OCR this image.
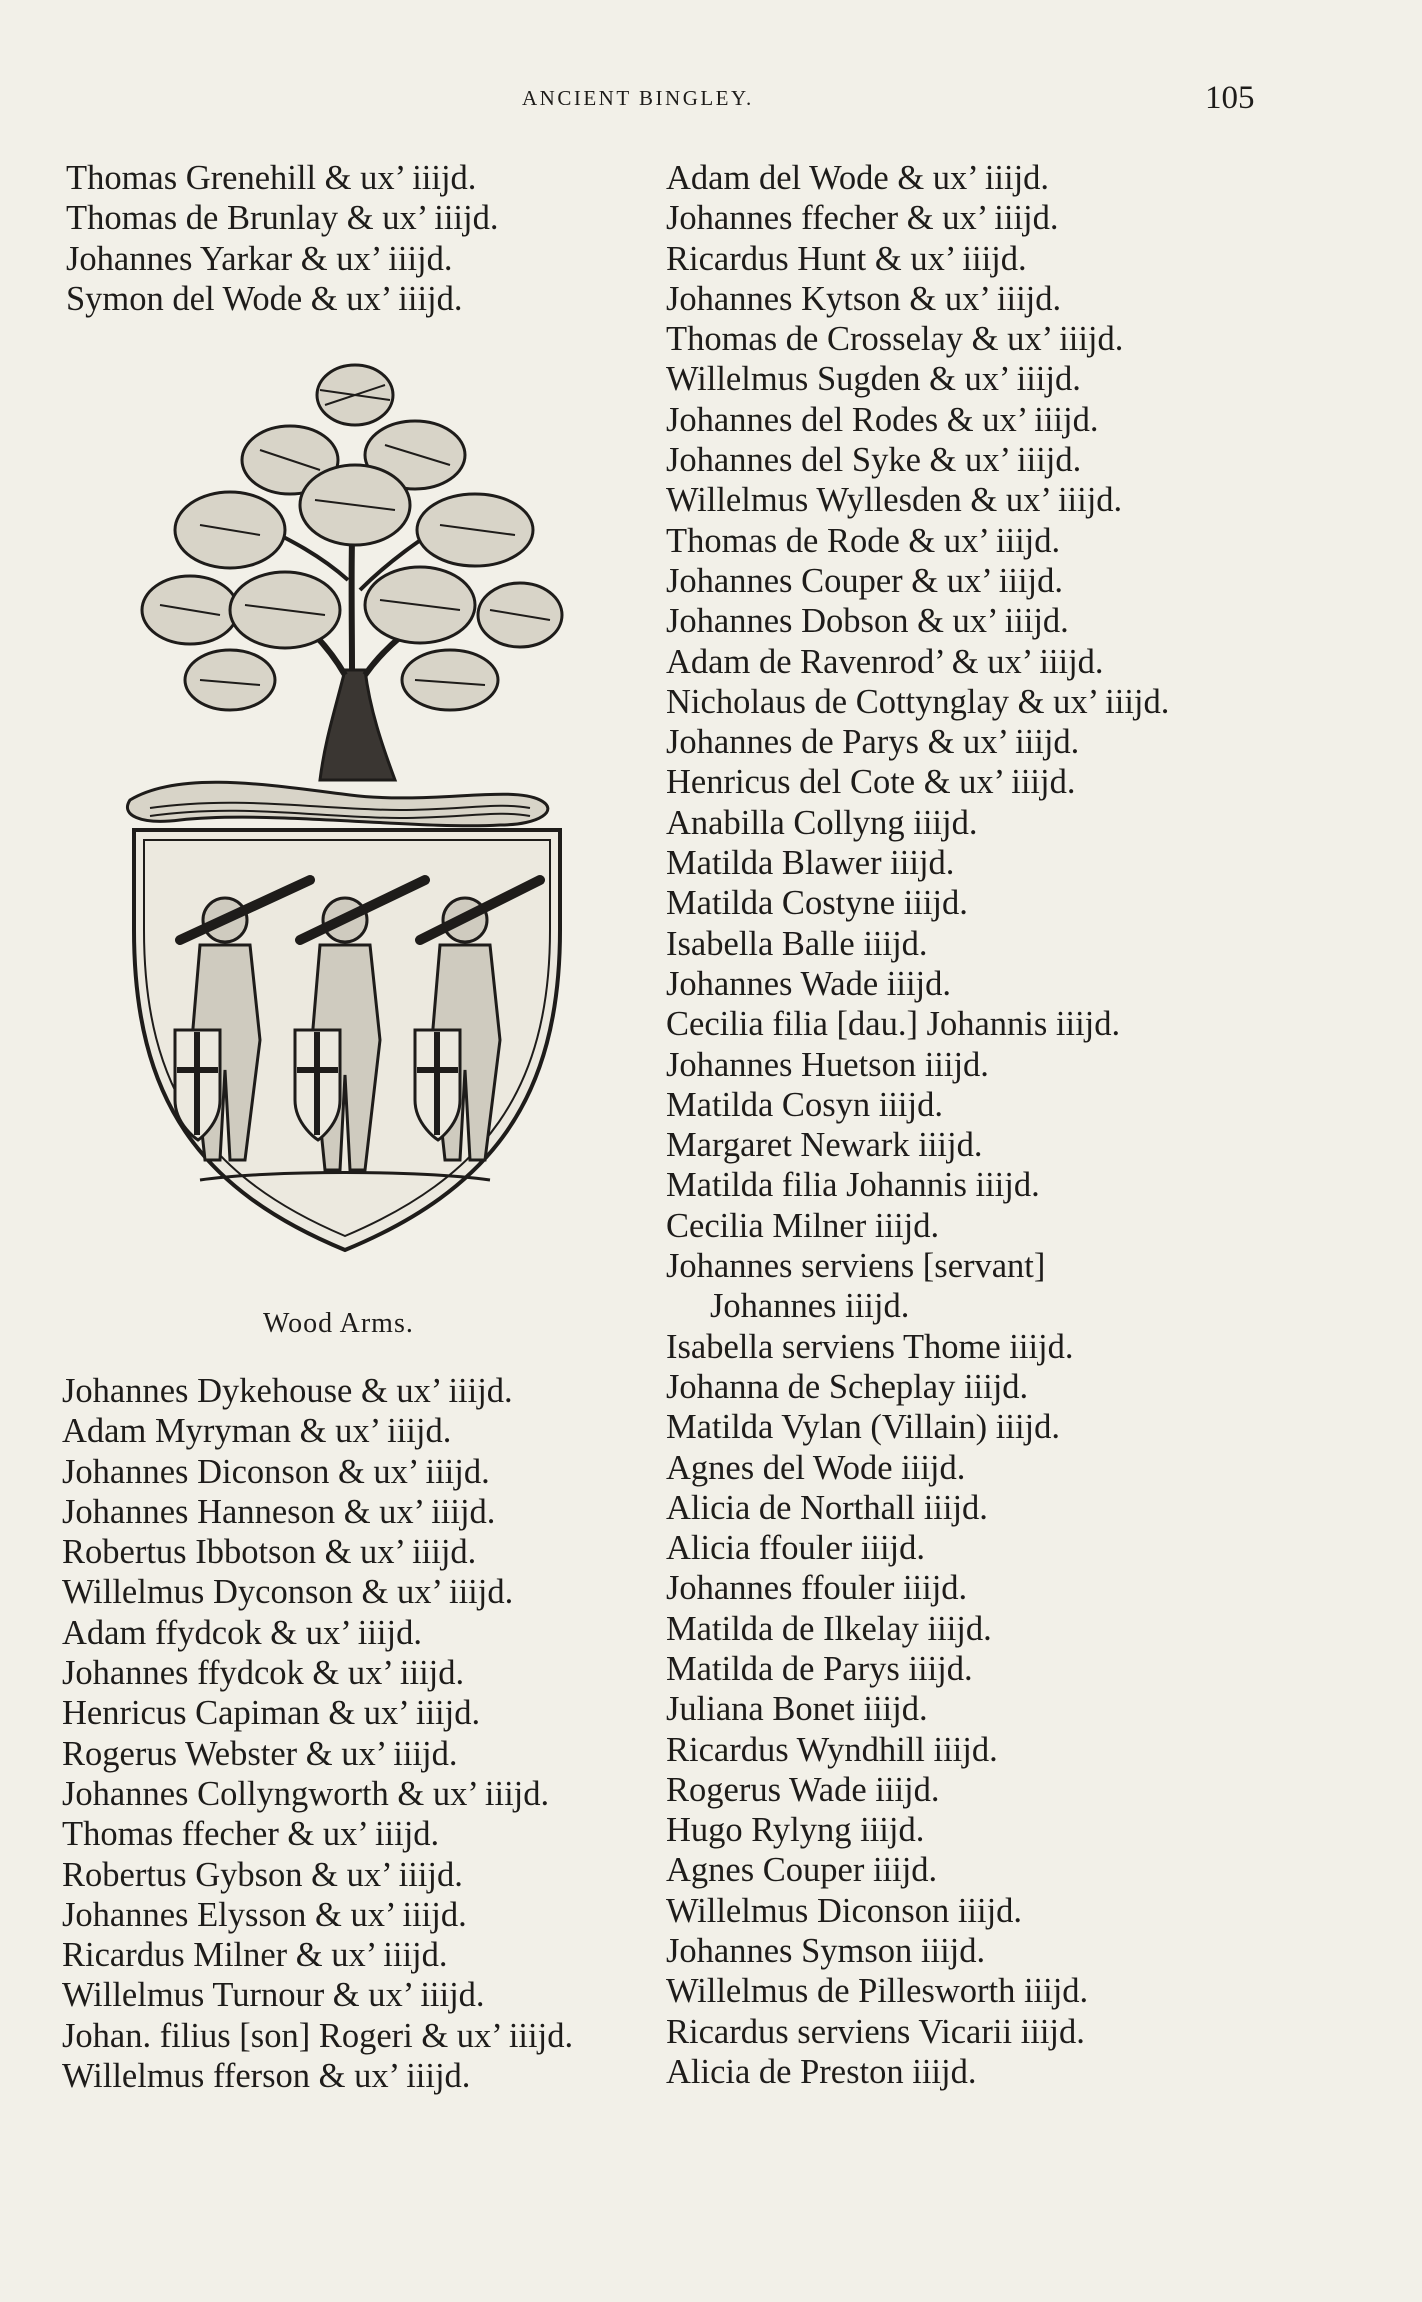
ANCIENT BINGLEY.	105
Thomas Grenehill & ux’ iiijd.
Thomas de Brunlay & ux’ iiijd.
Johannes Yarkar & ux’ iiijd.
Symon del Wode & ux’ iiijd.
Wood Arms.
Johannes Dykehouse & ux’ iiijd.
Adam Myryman & ux’ iiijd.
Johannes Diconson & ux’ iiijd.
Johannes Hanneson & ux’ iiijd.
Robertus Ibbotson & ux’ iiijd.
Willelmus Dyconson & ux’ iiijd.
Adam ffydcok & ux’ iiijd.
Johannes ffydcok & ux’ iiijd.
Henricus Capiman & ux’ iiijd.
Rogerus Webster & ux’ iiijd.
Johannes Collyngworth & ux’ iiijd.
Thomas ffecher & ux’ iiijd.
Robertus Gybson & ux’ iiijd.
Johannes Elysson & ux’ iiijd.
Ricardus Milner & ux’ iiijd.
Willelmus Turnour & ux’ iiijd.
Johan. filius [son] Rogeri & ux’ iiijd.
Willelmus fferson & ux’ iiijd.
Adam del Wode & ux’ iiijd.
Johannes ffecher & ux’ iiijd.
Ricardus Hunt & ux’ iiijd.
Johannes Kytson & ux’ iiijd.
Thomas de Crosselay & ux’ iiijd.
Willelmus Sugden & ux’ iiijd.
Johannes del Rodes & ux’ iiijd.
Johannes del Syke & ux’ iiijd.
Willelmus Wyllesden & ux’ iiijd.
Thomas de Rode & ux’ iiijd.
Johannes Couper & ux’ iiijd.
Johannes Dobson & ux’ iiijd.
Adam de Ravenrod’ & ux’ iiijd.
Nicholaus de Cottynglay & ux’ iiijd.
Johannes de Parys & ux’ iiijd.
Henricus del Cote & ux’ iiijd.
Anabilla Collyng iiijd.
Matilda Blawer iiijd.
Matilda Costyne iiijd.
Isabella Balle iiijd.
Johannes Wade iiijd.
Cecilia filia [dau.] Johannis iiijd.
Johannes Huetson iiijd.
Matilda Cosyn iiijd.
Margaret Newark iiijd.
Matilda filia Johannis iiijd.
Cecilia Milner iiijd.
Johannes serviens [servant]
Johannes iiijd.
Isabella serviens Thome iiijd.
Johanna de Scheplay iiijd.
Matilda Vylan (Villain) iiijd.
Agnes del Wode iiijd.
Alicia de Northall iiijd.
Alicia ffouler iiijd.
Johannes ffouler iiijd.
Matilda de Ilkelay iiijd.
Matilda de Parys iiijd.
Juliana Bonet iiijd.
Ricardus Wyndhill iiijd.
Rogerus Wade iiijd.
Hugo Rylyng iiijd.
Agnes Couper iiijd.
Willelmus Diconson iiijd.
Johannes Symson iiijd.
Willelmus de Pillesworth iiijd.
Ricardus serviens Vicarii iiijd.
Alicia de Preston iiijd.
